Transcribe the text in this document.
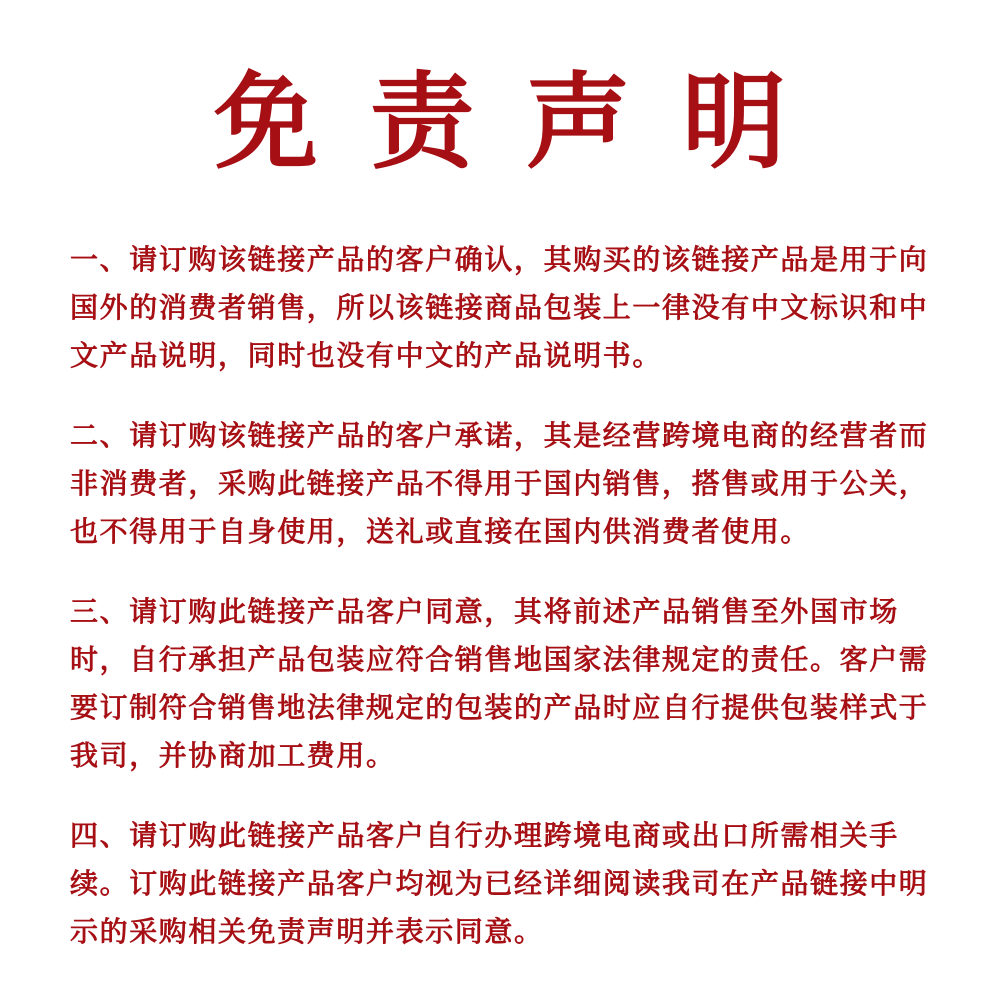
免责声明
一、请订购该链接产品的客户确认，其购买的该链接产品是用于向国外的消费者销售，所以该链接商品包装上一律没有中文标识和中文产品说明，同时也没有中文的产品说明书。
二、请订购该链接产品的客户承诺，其是经营跨境电商的经营者而非消费者，采购此链接产品不得用于国内销售，搭售或用于公关，也不得用于自身使用，送礼或直接在国内供消费者使用。
三、请订购此链接产品客户同意，其将前述产品销售至外国市场时，自行承担产品包装应符合销售地国家法律规定的责任。客户需要订制符合销售地法律规定的包装的产品时应自行提供包装样式于我司，并协商加工费用。
四、请订购此链接产品客户自行办理跨境电商或出口所需相关手续。订购此链接产品客户均视为已经详细阅读我司在产品链接中明示的采购相关免责声明并表示同意。
